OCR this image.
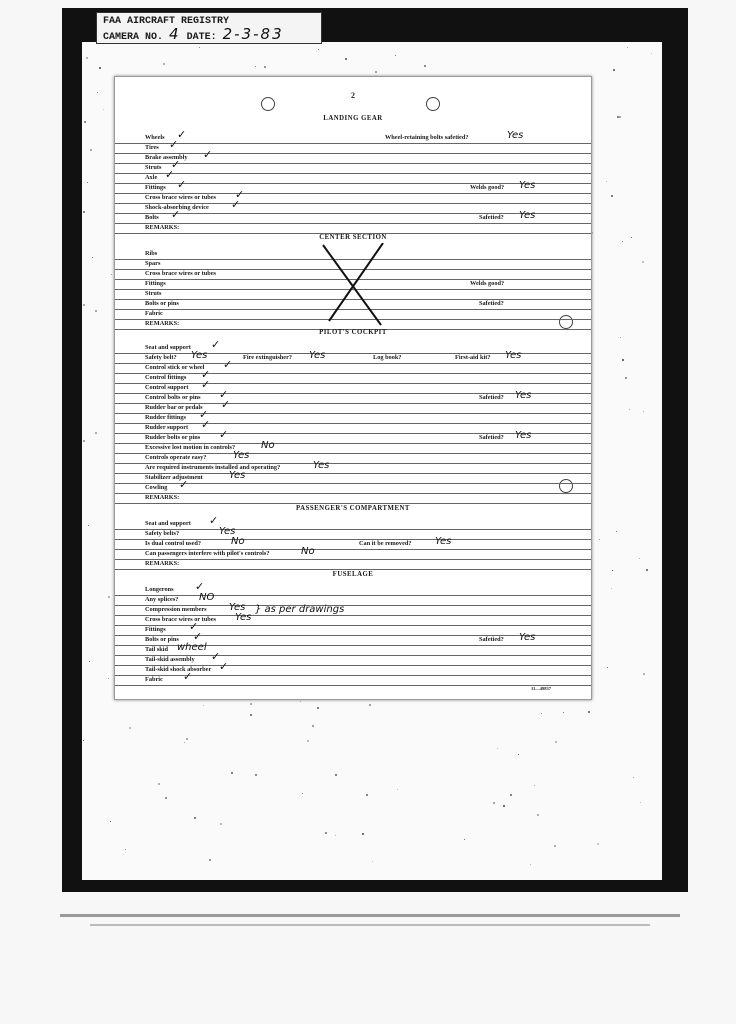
FAA AIRCRAFT REGISTRY
CAMERA NO. 4 DATE: 2-3-83
2
LANDING GEAR
Wheels ✓	Wheel-retaining bolts safetied?	Yes
Tires ✓
Brake assembly ✓
Struts ✓
Axle ✓
Fittings ✓	Welds good? Yes
Cross brace wires or tubes ✓
Shock-absorbing device ✓
Bolts ✓	Safetied? Yes
REMARKS:
CENTER SECTION
Ribs
Spars
Cross brace wires or tubes
Fittings	Welds good?
Struts
Bolts or pins	Safetied?
Fabric
REMARKS:
PILOT'S COCKPIT
Seat and support ✓
Safety belt? Yes	Fire extinguisher? Yes	Log book?	First-aid kit? Yes
Control stick or wheel ✓
Control fittings ✓
Control support ✓
Control bolts or pins ✓	Safetied? Yes
Rudder bar or pedals ✓
Rudder fittings ✓
Rudder support ✓
Rudder bolts or pins ✓	Safetied? Yes
Excessive lost motion in controls?	No
Controls operate easy?	Yes
Are required instruments installed and operating?	Yes
Stabilizer adjustment	Yes
Cowling ✓
REMARKS:
PASSENGER'S COMPARTMENT
Seat and support ✓
Safety belts?	Yes
Is dual control used?	No	Can it be removed? Yes
Can passengers interfere with pilot's controls?	No
REMARKS:
FUSELAGE
Longerons ✓
Any splices? NO
Compression members Yes } as per drawings
Cross brace wires or tubes Yes
Fittings ✓
Bolts or pins ✓	Safetied? Yes
Tail skid wheel
Tail-skid assembly ✓
Tail-skid shock absorber ✓
Fabric ✓
11—49837
